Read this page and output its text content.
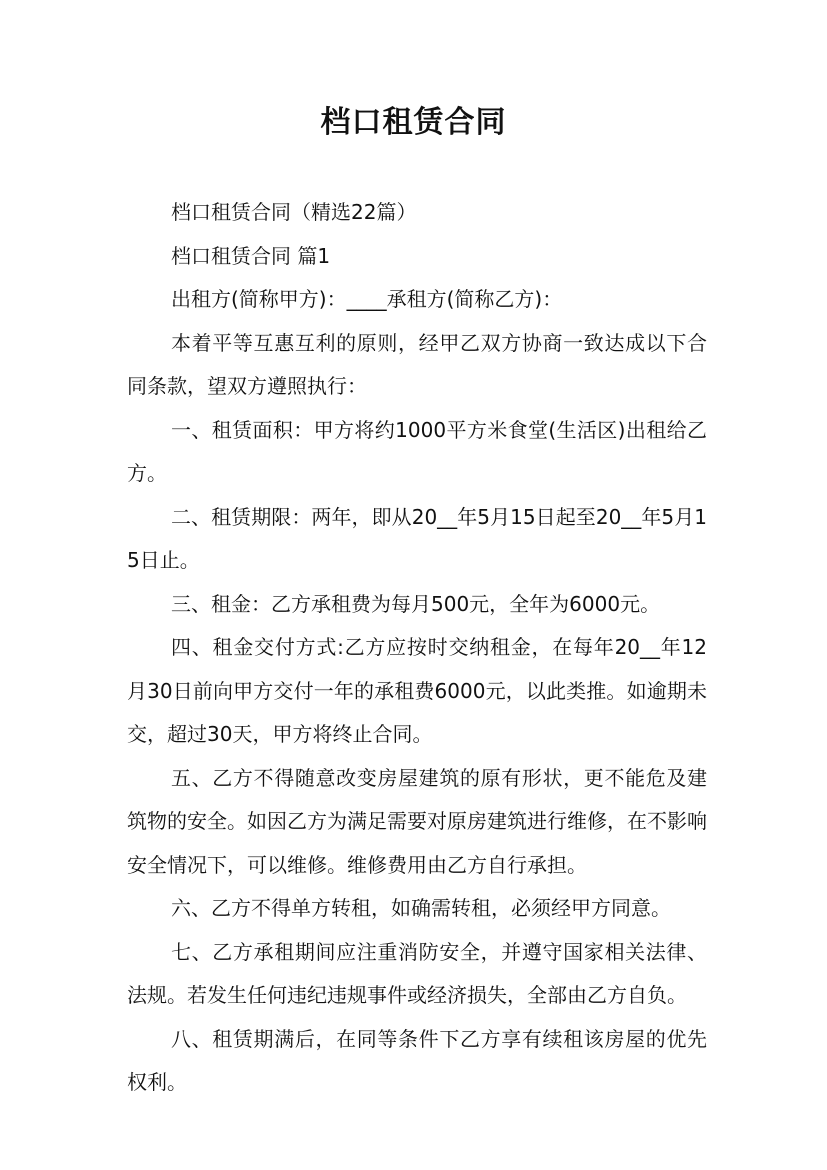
档口租赁合同

档口租赁合同（精选22篇）

档口租赁合同 篇1

出租方(简称甲方)：____承租方(简称乙方)：

本着平等互惠互利的原则，经甲乙双方协商一致达成以下合同条款，望双方遵照执行：

一、租赁面积：甲方将约1000平方米食堂(生活区)出租给乙方。

二、租赁期限：两年，即从20__年5月15日起至20__年5月15日止。

三、租金：乙方承租费为每月500元，全年为6000元。

四、租金交付方式:乙方应按时交纳租金，在每年20__年12月30日前向甲方交付一年的承租费6000元，以此类推。如逾期未交，超过30天，甲方将终止合同。

五、乙方不得随意改变房屋建筑的原有形状，更不能危及建筑物的安全。如因乙方为满足需要对原房建筑进行维修，在不影响安全情况下，可以维修。维修费用由乙方自行承担。

六、乙方不得单方转租，如确需转租，必须经甲方同意。

七、乙方承租期间应注重消防安全，并遵守国家相关法律、法规。若发生任何违纪违规事件或经济损失，全部由乙方自负。

八、租赁期满后，在同等条件下乙方享有续租该房屋的优先权利。
